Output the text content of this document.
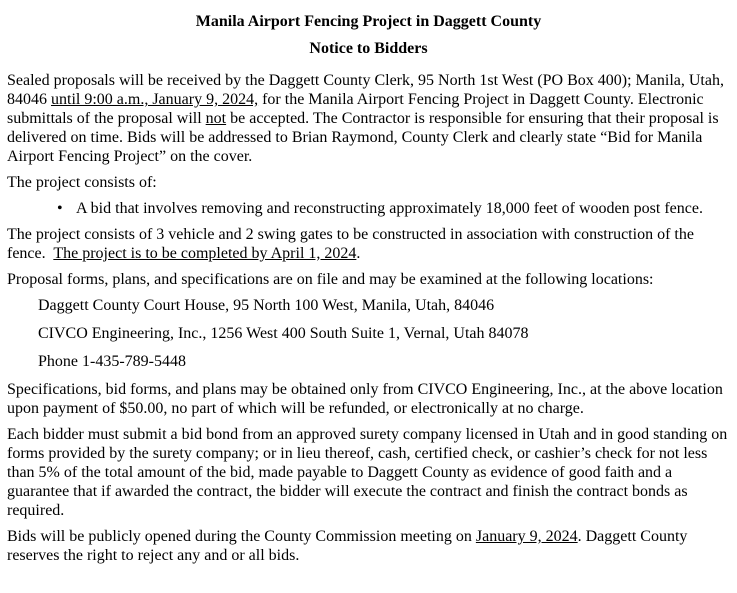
Manila Airport Fencing Project in Daggett County
Notice to Bidders

Sealed proposals will be received by the Daggett County Clerk, 95 North 1st West (PO Box 400); Manila, Utah, 84046 until 9:00 a.m., January 9, 2024, for the Manila Airport Fencing Project in Daggett County. Electronic submittals of the proposal will not be accepted. The Contractor is responsible for ensuring that their proposal is delivered on time. Bids will be addressed to Brian Raymond, County Clerk and clearly state “Bid for Manila Airport Fencing Project” on the cover.

The project consists of:

• A bid that involves removing and reconstructing approximately 18,000 feet of wooden post fence.

The project consists of 3 vehicle and 2 swing gates to be constructed in association with construction of the fence.  The project is to be completed by April 1, 2024.

Proposal forms, plans, and specifications are on file and may be examined at the following locations:

Daggett County Court House, 95 North 100 West, Manila, Utah, 84046

CIVCO Engineering, Inc., 1256 West 400 South Suite 1, Vernal, Utah 84078

Phone 1-435-789-5448

Specifications, bid forms, and plans may be obtained only from CIVCO Engineering, Inc., at the above location upon payment of $50.00, no part of which will be refunded, or electronically at no charge.

Each bidder must submit a bid bond from an approved surety company licensed in Utah and in good standing on forms provided by the surety company; or in lieu thereof, cash, certified check, or cashier’s check for not less than 5% of the total amount of the bid, made payable to Daggett County as evidence of good faith and a guarantee that if awarded the contract, the bidder will execute the contract and finish the contract bonds as required.

Bids will be publicly opened during the County Commission meeting on January 9, 2024. Daggett County reserves the right to reject any and or all bids.
